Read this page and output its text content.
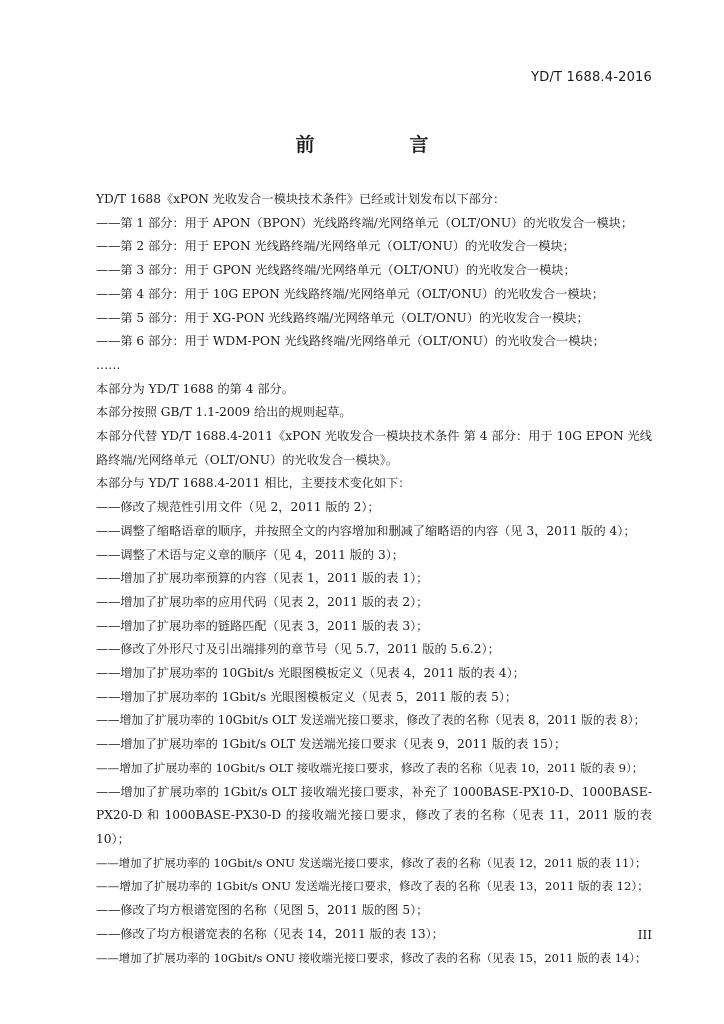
YD/T 1688.4-2016
前　言

YD/T 1688《xPON 光收发合一模块技术条件》已经或计划发布以下部分：

——第 1 部分：用于 APON（BPON）光线路终端/光网络单元（OLT/ONU）的光收发合一模块；

——第 2 部分：用于 EPON 光线路终端/光网络单元（OLT/ONU）的光收发合一模块；

——第 3 部分：用于 GPON 光线路终端/光网络单元（OLT/ONU）的光收发合一模块；

——第 4 部分：用于 10G EPON 光线路终端/光网络单元（OLT/ONU）的光收发合一模块；

——第 5 部分：用于 XG-PON 光线路终端/光网络单元（OLT/ONU）的光收发合一模块；

——第 6 部分：用于 WDM-PON 光线路终端/光网络单元（OLT/ONU）的光收发合一模块；

……

本部分为 YD/T 1688 的第 4 部分。

本部分按照 GB/T 1.1-2009 给出的规则起草。

本部分代替 YD/T 1688.4-2011《xPON 光收发合一模块技术条件 第 4 部分：用于 10G EPON 光线路终端/光网络单元（OLT/ONU）的光收发合一模块》。

本部分与 YD/T 1688.4-2011 相比，主要技术变化如下：

——修改了规范性引用文件（见 2，2011 版的 2）；

——调整了缩略语章的顺序，并按照全文的内容增加和删减了缩略语的内容（见 3，2011 版的 4）；

——调整了术语与定义章的顺序（见 4，2011 版的 3）；

——增加了扩展功率预算的内容（见表 1，2011 版的表 1）；

——增加了扩展功率的应用代码（见表 2，2011 版的表 2）；

——增加了扩展功率的链路匹配（见表 3，2011 版的表 3）；

——修改了外形尺寸及引出端排列的章节号（见 5.7，2011 版的 5.6.2）；

——增加了扩展功率的 10Gbit/s 光眼图模板定义（见表 4，2011 版的表 4）；

——增加了扩展功率的 1Gbit/s 光眼图模板定义（见表 5，2011 版的表 5）；

——增加了扩展功率的 10Gbit/s OLT 发送端光接口要求，修改了表的名称（见表 8，2011 版的表 8）；

——增加了扩展功率的 1Gbit/s OLT 发送端光接口要求（见表 9，2011 版的表 15）；

——增加了扩展功率的 10Gbit/s OLT 接收端光接口要求，修改了表的名称（见表 10，2011 版的表 9）；

——增加了扩展功率的 1Gbit/s OLT 接收端光接口要求，补充了 1000BASE-PX10-D、1000BASE-PX20-D 和 1000BASE-PX30-D 的接收端光接口要求，修改了表的名称（见表 11，2011 版的表 10）；

——增加了扩展功率的 10Gbit/s ONU 发送端光接口要求，修改了表的名称（见表 12，2011 版的表 11）；

——增加了扩展功率的 1Gbit/s ONU 发送端光接口要求，修改了表的名称（见表 13，2011 版的表 12）；

——修改了均方根谱宽图的名称（见图 5，2011 版的图 5）；

——修改了均方根谱宽表的名称（见表 14，2011 版的表 13）；

——增加了扩展功率的 10Gbit/s ONU 接收端光接口要求，修改了表的名称（见表 15，2011 版的表 14）；

III
